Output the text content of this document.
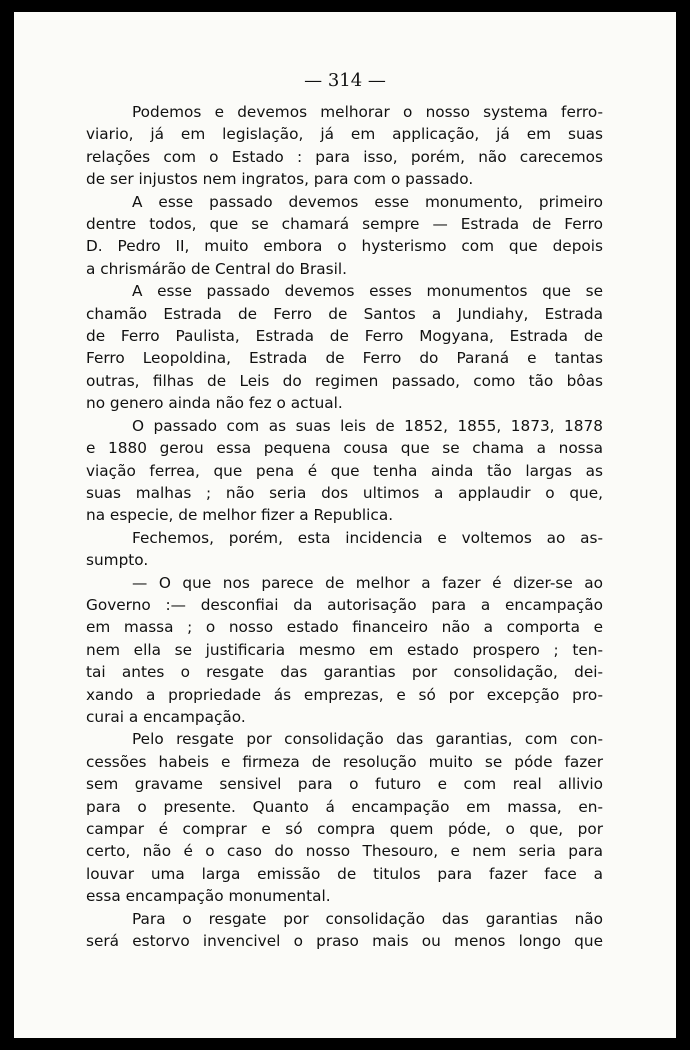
— 314 —

Podemos e devemos melhorar o nosso systema ferro-
viario, já em legislação, já em applicação, já em suas
relações com o Estado : para isso, porém, não carecemos
de ser injustos nem ingratos, para com o passado.

A esse passado devemos esse monumento, primeiro
dentre todos, que se chamará sempre — Estrada de Ferro
D. Pedro II, muito embora o hysterismo com que depois
a chrismárão de Central do Brasil.

A esse passado devemos esses monumentos que se
chamão Estrada de Ferro de Santos a Jundiahy, Estrada
de Ferro Paulista, Estrada de Ferro Mogyana, Estrada de
Ferro Leopoldina, Estrada de Ferro do Paraná e tantas
outras, filhas de Leis do regimen passado, como tão bôas
no genero ainda não fez o actual.

O passado com as suas leis de 1852, 1855, 1873, 1878
e 1880 gerou essa pequena cousa que se chama a nossa
viação ferrea, que pena é que tenha ainda tão largas as
suas malhas ; não seria dos ultimos a applaudir o que,
na especie, de melhor fizer a Republica.

Fechemos, porém, esta incidencia e voltemos ao as-
sumpto.

— O que nos parece de melhor a fazer é dizer-se ao
Governo :— desconfiai da autorisação para a encampação
em massa ; o nosso estado financeiro não a comporta e
nem ella se justificaria mesmo em estado prospero ; ten-
tai antes o resgate das garantias por consolidação, dei-
xando a propriedade ás emprezas, e só por excepção pro-
curai a encampação.

Pelo resgate por consolidação das garantias, com con-
cessões habeis e firmeza de resolução muito se póde fazer
sem gravame sensivel para o futuro e com real allivio
para o presente. Quanto á encampação em massa, en-
campar é comprar e só compra quem póde, o que, por
certo, não é o caso do nosso Thesouro, e nem seria para
louvar uma larga emissão de titulos para fazer face a
essa encampação monumental.

Para o resgate por consolidação das garantias não
será estorvo invencivel o praso mais ou menos longo que
